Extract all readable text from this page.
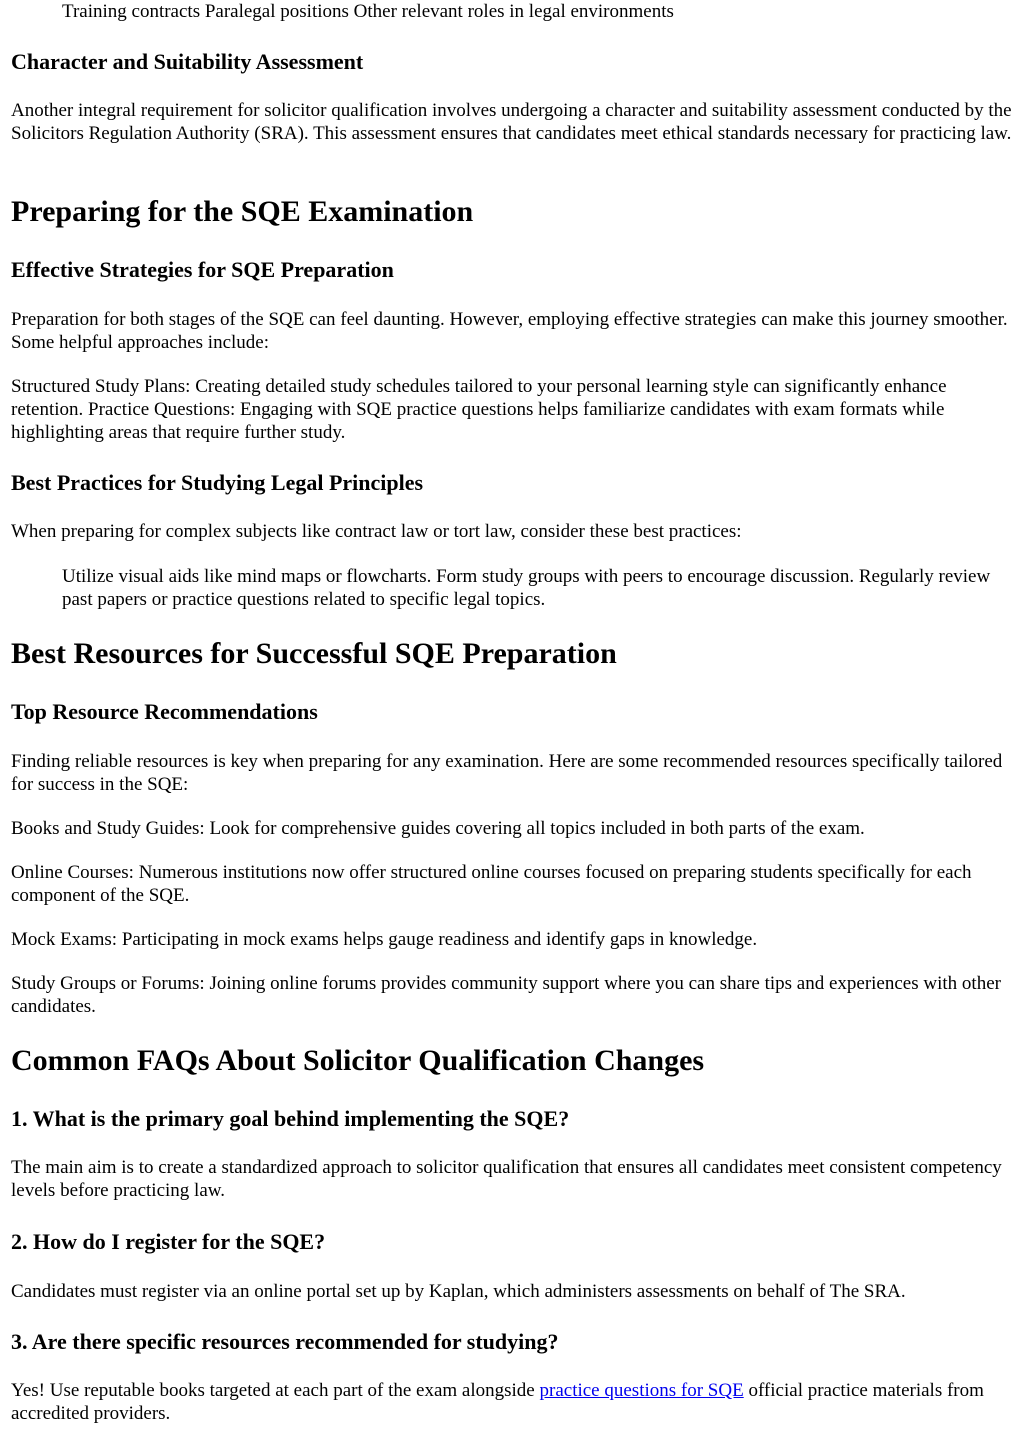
Training contracts Paralegal positions Other relevant roles in legal environments

Character and Suitability Assessment

Another integral requirement for solicitor qualification involves undergoing a character and suitability assessment conducted by the Solicitors Regulation Authority (SRA). This assessment ensures that candidates meet ethical standards necessary for practicing law.

Preparing for the SQE Examination
Effective Strategies for SQE Preparation

Preparation for both stages of the SQE can feel daunting. However, employing effective strategies can make this journey smoother. Some helpful approaches include:

Structured Study Plans: Creating detailed study schedules tailored to your personal learning style can significantly enhance retention. Practice Questions: Engaging with SQE practice questions helps familiarize candidates with exam formats while highlighting areas that require further study.

Best Practices for Studying Legal Principles

When preparing for complex subjects like contract law or tort law, consider these best practices:

Utilize visual aids like mind maps or flowcharts. Form study groups with peers to encourage discussion. Regularly review past papers or practice questions related to specific legal topics.

Best Resources for Successful SQE Preparation
Top Resource Recommendations

Finding reliable resources is key when preparing for any examination. Here are some recommended resources specifically tailored for success in the SQE:

Books and Study Guides: Look for comprehensive guides covering all topics included in both parts of the exam.

Online Courses: Numerous institutions now offer structured online courses focused on preparing students specifically for each component of the SQE.

Mock Exams: Participating in mock exams helps gauge readiness and identify gaps in knowledge.

Study Groups or Forums: Joining online forums provides community support where you can share tips and experiences with other candidates.

Common FAQs About Solicitor Qualification Changes
1. What is the primary goal behind implementing the SQE?

The main aim is to create a standardized approach to solicitor qualification that ensures all candidates meet consistent competency levels before practicing law.

2. How do I register for the SQE?

Candidates must register via an online portal set up by Kaplan, which administers assessments on behalf of The SRA.

3. Are there specific resources recommended for studying?

Yes! Use reputable books targeted at each part of the exam alongside practice questions for SQE official practice materials from accredited providers.
